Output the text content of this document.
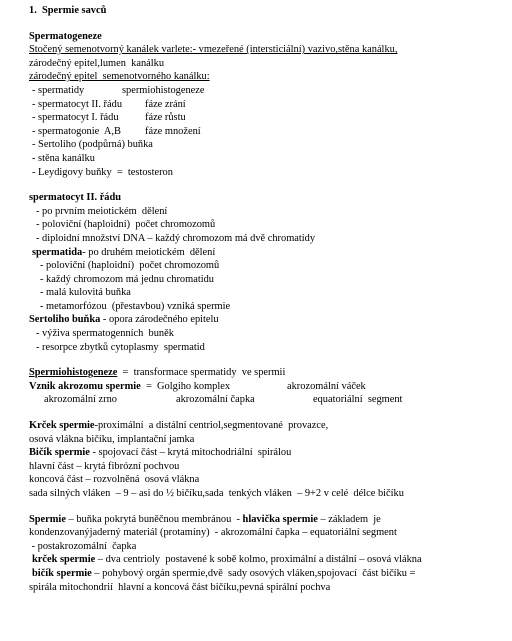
1. Spermie savců
Spermatogeneze
Stočený semenotvorný kanálek varlete:- vmezeřené (intersticiální) vazivo,stěna kanálku,
zárodečný epitel,lumen  kanálku
zárodečný epitel  semenotvorného kanálku:
- spermatidy	spermiohistogeneze
- spermatocyt II. řádu fáze zrání
- spermatocyt I. řádu	fáze růstu
- spermatogonie  A,B fáze množení
- Sertoliho (podpůrná) buňka
- stěna kanálku
- Leydigovy buňky  =  testosteron
spermatocyt II. řádu
- po prvním meiotickém  dělení
- poloviční (haploidní)  počet chromozomů
- diploidní množství DNA – každý chromozom má dvě chromatidy
spermatida- po druhém meiotickém  dělení
- poloviční (haploidní)  počet chromozomů
- každý chromozom má jednu chromatidu
- malá kulovitá buňka
- metamorfózou  (přestavbou) vzniká spermie
Sertoliho buňka - opora zárodečného epitelu
- výživa spermatogenních  buněk
- resorpce zbytků cytoplasmy  spermatid
Spermiohistogeneze  =  transformace spermatidy  ve spermii
Vznik akrozomu spermie  =  Golgiho komplex	akrozomální váček
akrozomální zrno	akrozomální čapka	equatoriální  segment
Krček spermie-proximální  a distální centriol,segmentované  provazce,
osová vlákna bičíku, implantační jamka
Bičík spermie - spojovací část – krytá mitochodriální  spirálou
hlavní část – krytá fibrózní pochvou
koncová část – rozvolněná  osová vlákna
sada silných vláken  – 9 – asi do ½ bičíku,sada  tenkých vláken  – 9+2 v celé  délce bičíku
Spermie – buňka pokrytá buněčnou membránou  - hlavička spermie – základem  je
kondenzovanýjaderný materiál (protamíny)  - akrozomální čapka – equatoriální segment
- postakrozomální  čapka
krček spermie – dva centrioly  postavené k sobě kolmo, proximální a distální – osová vlákna
bičík spermie – pohybový orgán spermie,dvě  sady osových vláken,spojovací  část bičíku =
spirála mitochondrií  hlavní a koncová část bičíku,pevná spirální pochva
